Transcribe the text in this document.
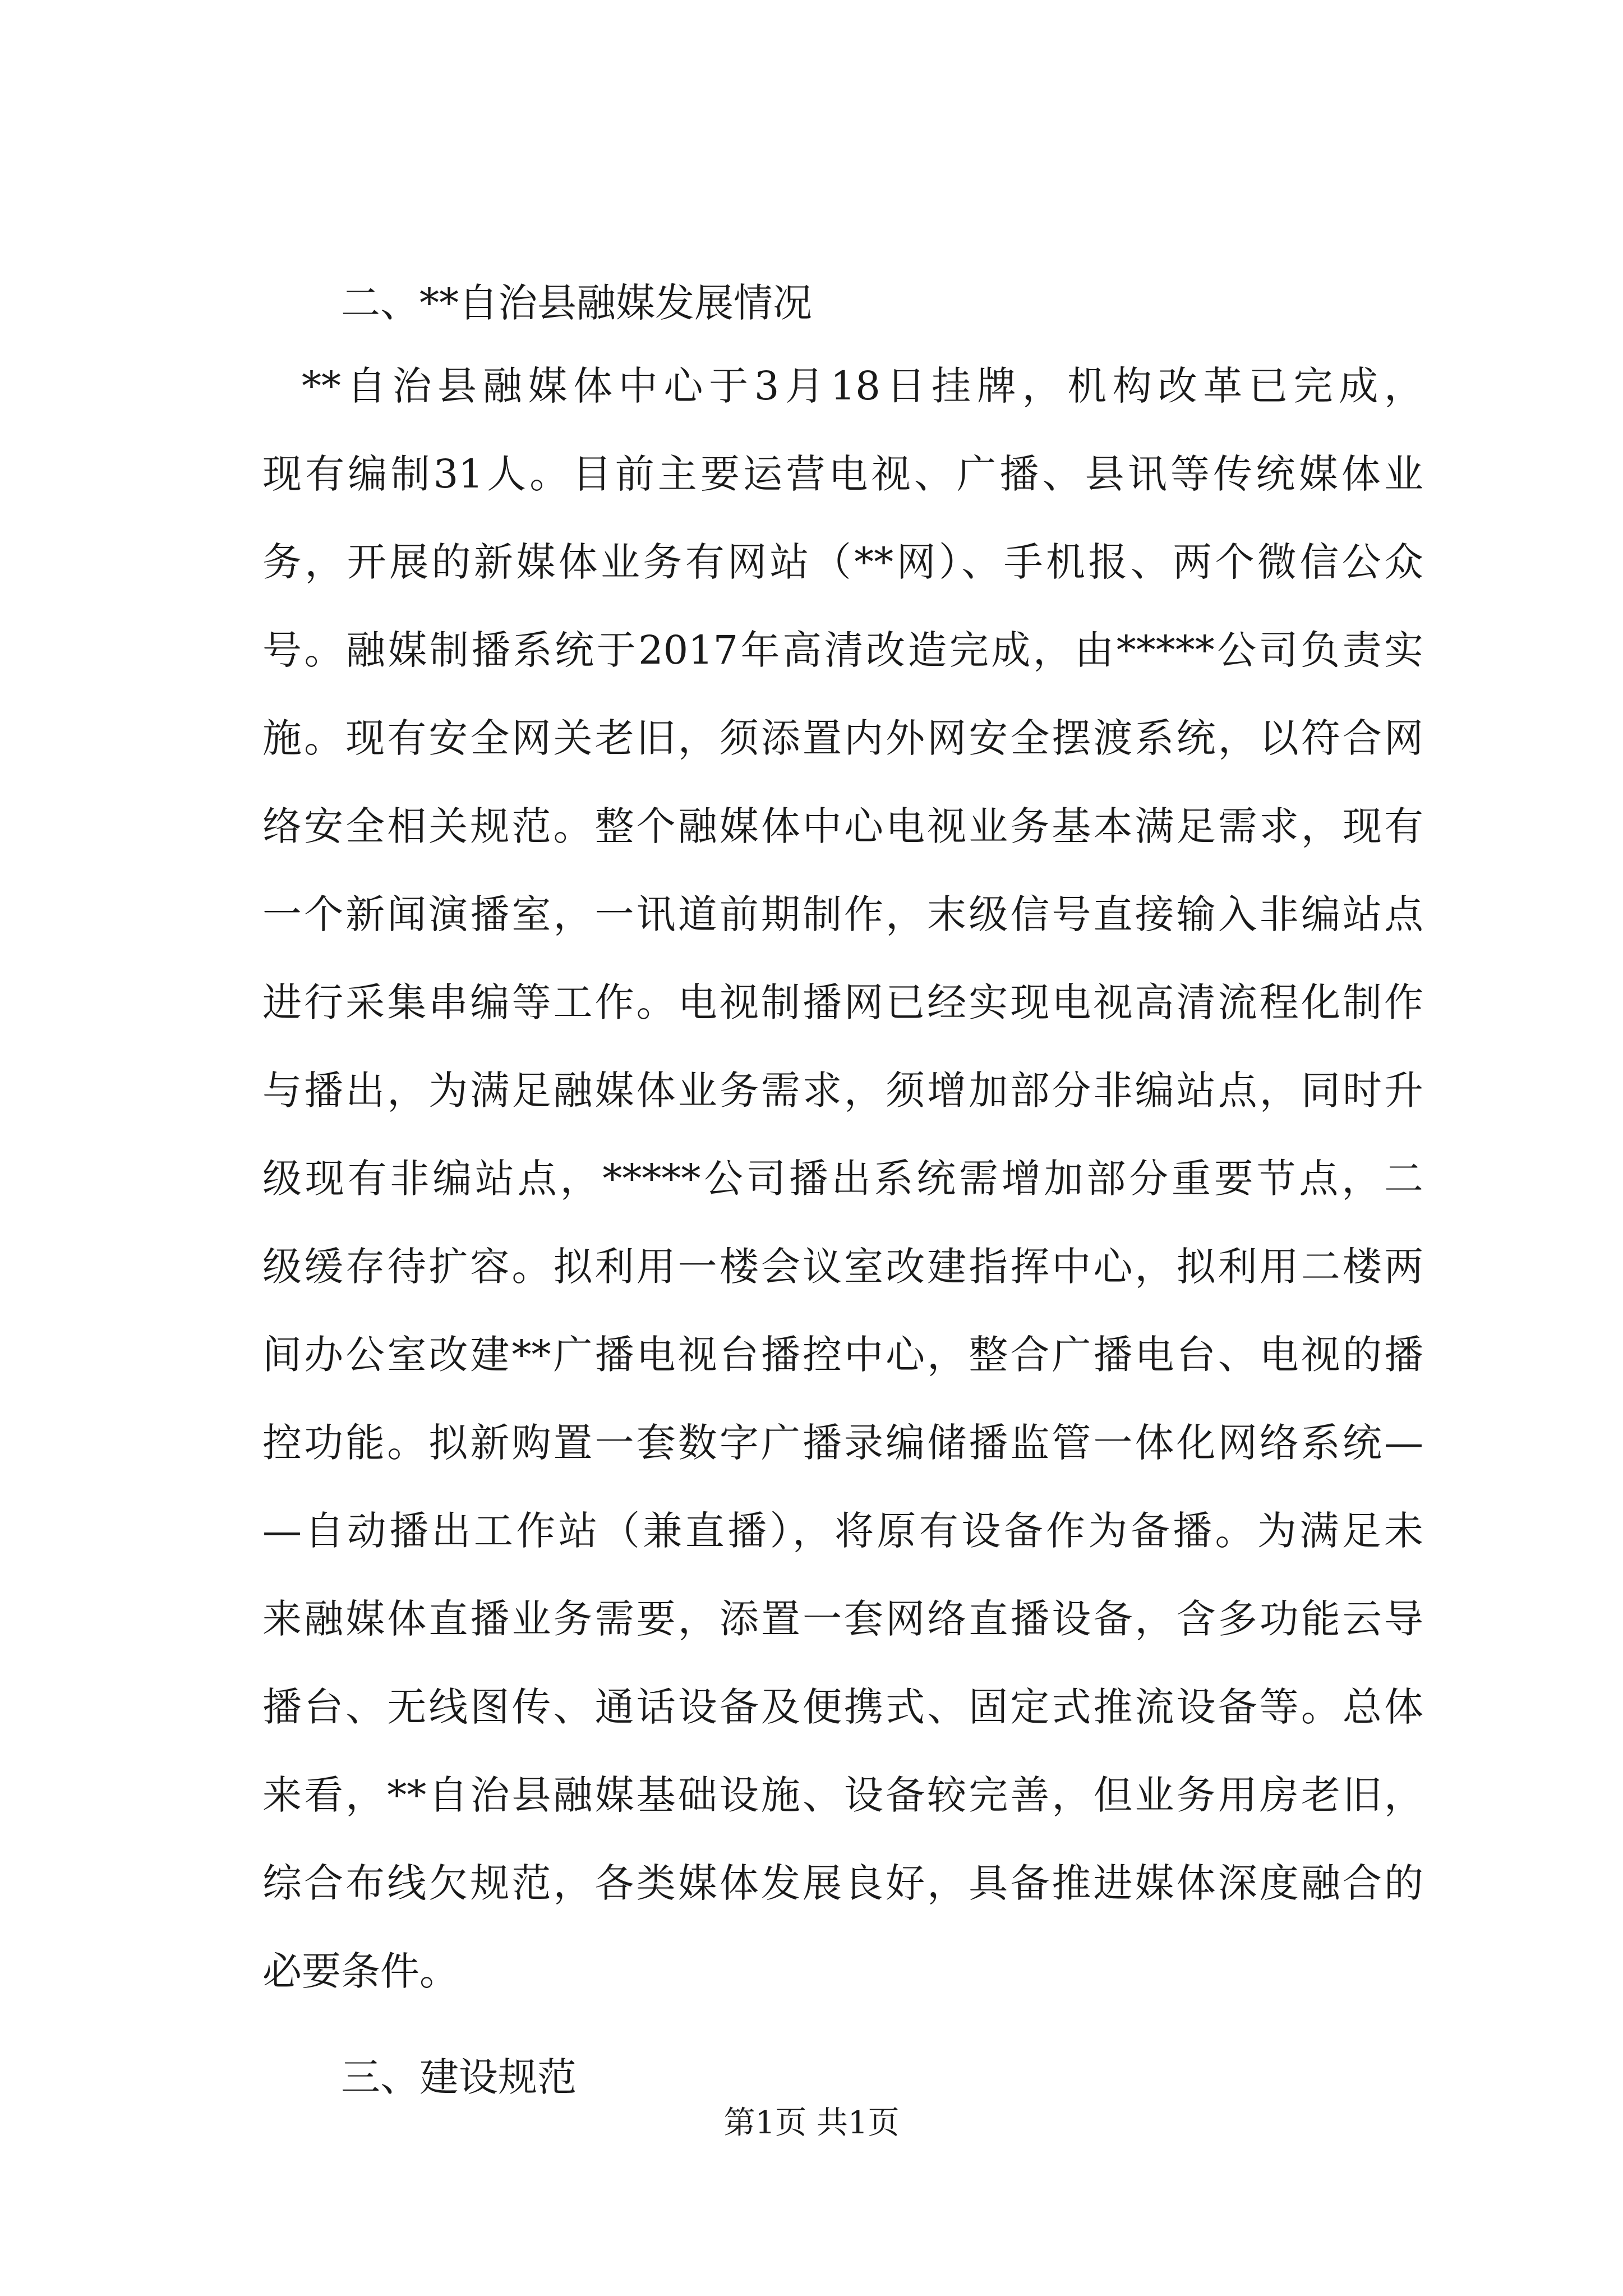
二、**自治县融媒发展情况

**自治县融媒体中心于3月18日挂牌，机构改革已完成，
现有编制31人。目前主要运营电视、广播、县讯等传统媒体业
务，开展的新媒体业务有网站（**网）、手机报、两个微信公众
号。融媒制播系统于2017年高清改造完成，由*****公司负责实
施。现有安全网关老旧，须添置内外网安全摆渡系统，以符合网
络安全相关规范。整个融媒体中心电视业务基本满足需求，现有
一个新闻演播室，一讯道前期制作，末级信号直接输入非编站点
进行采集串编等工作。电视制播网已经实现电视高清流程化制作
与播出，为满足融媒体业务需求，须增加部分非编站点，同时升
级现有非编站点，*****公司播出系统需增加部分重要节点，二
级缓存待扩容。拟利用一楼会议室改建指挥中心，拟利用二楼两
间办公室改建**广播电视台播控中心，整合广播电台、电视的播
控功能。拟新购置一套数字广播录编储播监管一体化网络系统—
—自动播出工作站（兼直播），将原有设备作为备播。为满足未
来融媒体直播业务需要，添置一套网络直播设备，含多功能云导
播台、无线图传、通话设备及便携式、固定式推流设备等。总体
来看，**自治县融媒基础设施、设备较完善，但业务用房老旧，
综合布线欠规范，各类媒体发展良好，具备推进媒体深度融合的
必要条件。

三、建设规范

第1页 共1页
